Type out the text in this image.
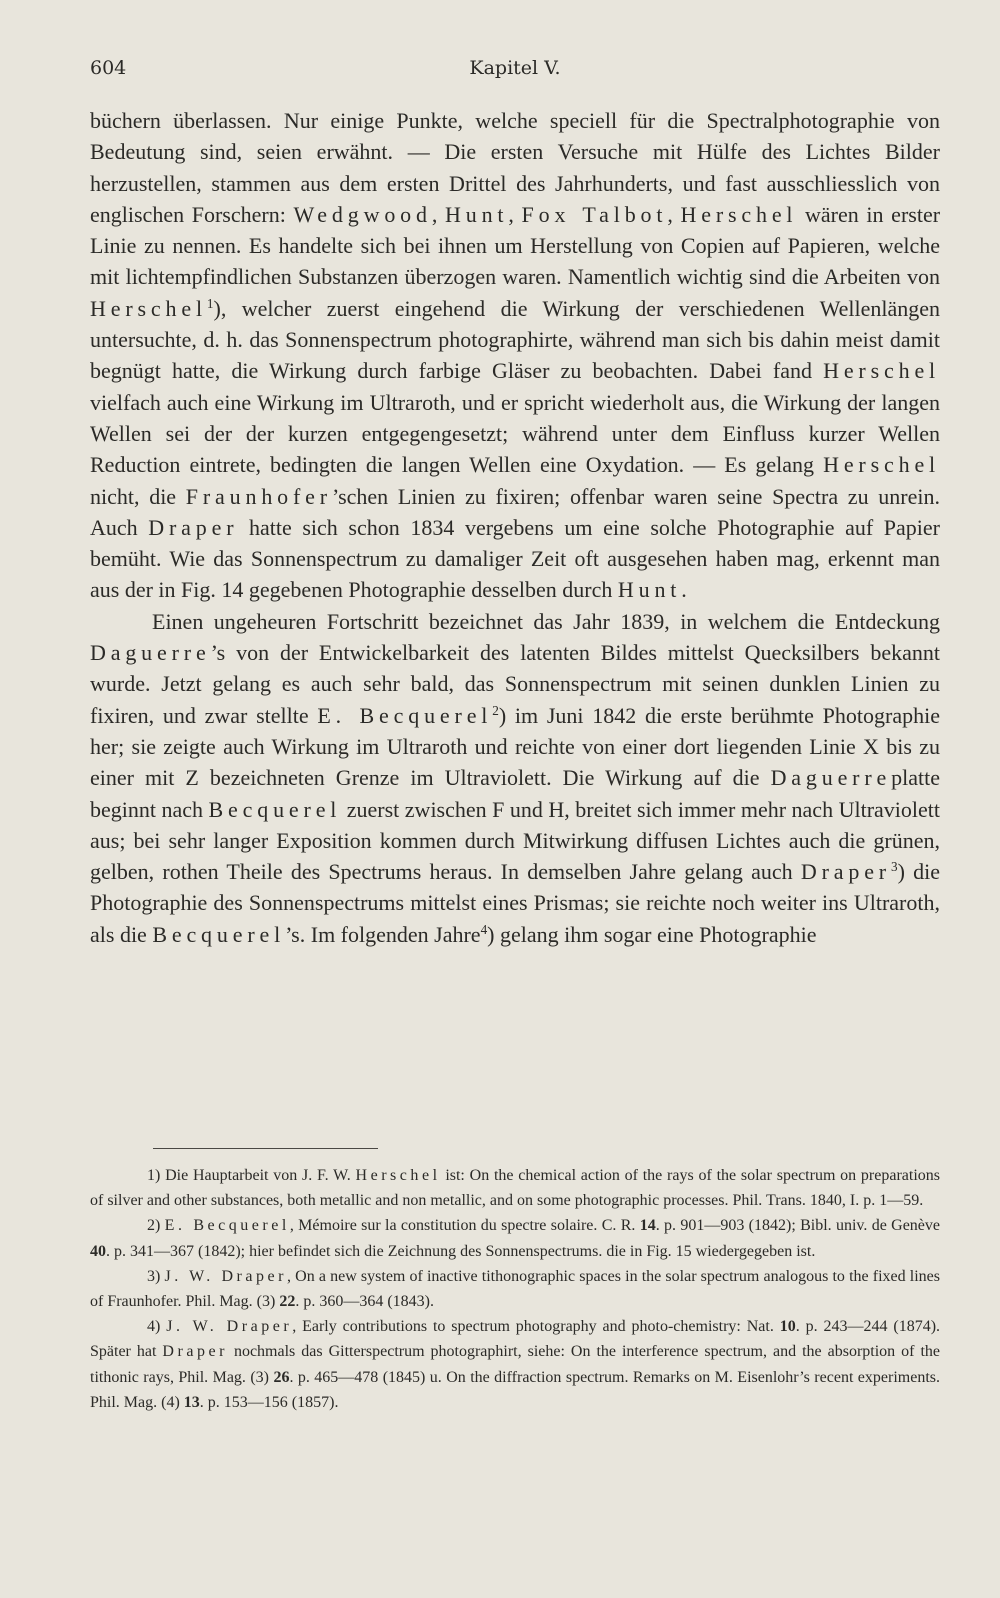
604	Kapitel V.

büchern überlassen. Nur einige Punkte, welche speciell für die Spectralphotographie von Bedeutung sind, seien erwähnt. — Die ersten Versuche mit Hülfe des Lichtes Bilder herzustellen, stammen aus dem ersten Drittel des Jahrhunderts, und fast ausschliesslich von englischen Forschern: Wedgwood, Hunt, Fox Talbot, Herschel wären in erster Linie zu nennen. Es handelte sich bei ihnen um Herstellung von Copien auf Papieren, welche mit lichtempfindlichen Substanzen überzogen waren. Namentlich wichtig sind die Arbeiten von Herschel$^1$), welcher zuerst eingehend die Wirkung der verschiedenen Wellenlängen untersuchte, d. h. das Sonnenspectrum photographirte, während man sich bis dahin meist damit begnügt hatte, die Wirkung durch farbige Gläser zu beobachten. Dabei fand Herschel vielfach auch eine Wirkung im Ultraroth, und er spricht wiederholt aus, die Wirkung der langen Wellen sei der der kurzen entgegengesetzt; während unter dem Einfluss kurzer Wellen Reduction eintrete, bedingten die langen Wellen eine Oxydation. — Es gelang Herschel nicht, die Fraunhofer’schen Linien zu fixiren; offenbar waren seine Spectra zu unrein. Auch Draper hatte sich schon 1834 vergebens um eine solche Photographie auf Papier bemüht. Wie das Sonnenspectrum zu damaliger Zeit oft ausgesehen haben mag, erkennt man aus der in Fig. 14 gegebenen Photographie desselben durch Hunt.

Einen ungeheuren Fortschritt bezeichnet das Jahr 1839, in welchem die Entdeckung Daguerre’s von der Entwickelbarkeit des latenten Bildes mittelst Quecksilbers bekannt wurde. Jetzt gelang es auch sehr bald, das Sonnenspectrum mit seinen dunklen Linien zu fixiren, und zwar stellte E. Becquerel$^2$) im Juni 1842 die erste berühmte Photographie her; sie zeigte auch Wirkung im Ultraroth und reichte von einer dort liegenden Linie X bis zu einer mit Z bezeichneten Grenze im Ultraviolett. Die Wirkung auf die Daguerreplatte beginnt nach Becquerel zuerst zwischen F und H, breitet sich immer mehr nach Ultraviolett aus; bei sehr langer Exposition kommen durch Mitwirkung diffusen Lichtes auch die grünen, gelben, rothen Theile des Spectrums heraus. In demselben Jahre gelang auch Draper$^3$) die Photographie des Sonnenspectrums mittelst eines Prismas; sie reichte noch weiter ins Ultraroth, als die Becquerel’s. Im folgenden Jahre$^4$) gelang ihm sogar eine Photographie

1) Die Hauptarbeit von J. F. W. Herschel ist: On the chemical action of the rays of the solar spectrum on preparations of silver and other substances, both metallic and non metallic, and on some photographic processes. Phil. Trans. 1840, I. p. 1—59.

2) E. Becquerel, Mémoire sur la constitution du spectre solaire. C. R. 14. p. 901—903 (1842); Bibl. univ. de Genève 40. p. 341—367 (1842); hier befindet sich die Zeichnung des Sonnenspectrums. die in Fig. 15 wiedergegeben ist.

3) J. W. Draper, On a new system of inactive tithonographic spaces in the solar spectrum analogous to the fixed lines of Fraunhofer. Phil. Mag. (3) 22. p. 360—364 (1843).

4) J. W. Draper, Early contributions to spectrum photography and photo-chemistry: Nat. 10. p. 243—244 (1874). Später hat Draper nochmals das Gitterspectrum photographirt, siehe: On the interference spectrum, and the absorption of the tithonic rays, Phil. Mag. (3) 26. p. 465—478 (1845) u. On the diffraction spectrum. Remarks on M. Eisenlohr’s recent experiments. Phil. Mag. (4) 13. p. 153—156 (1857).
